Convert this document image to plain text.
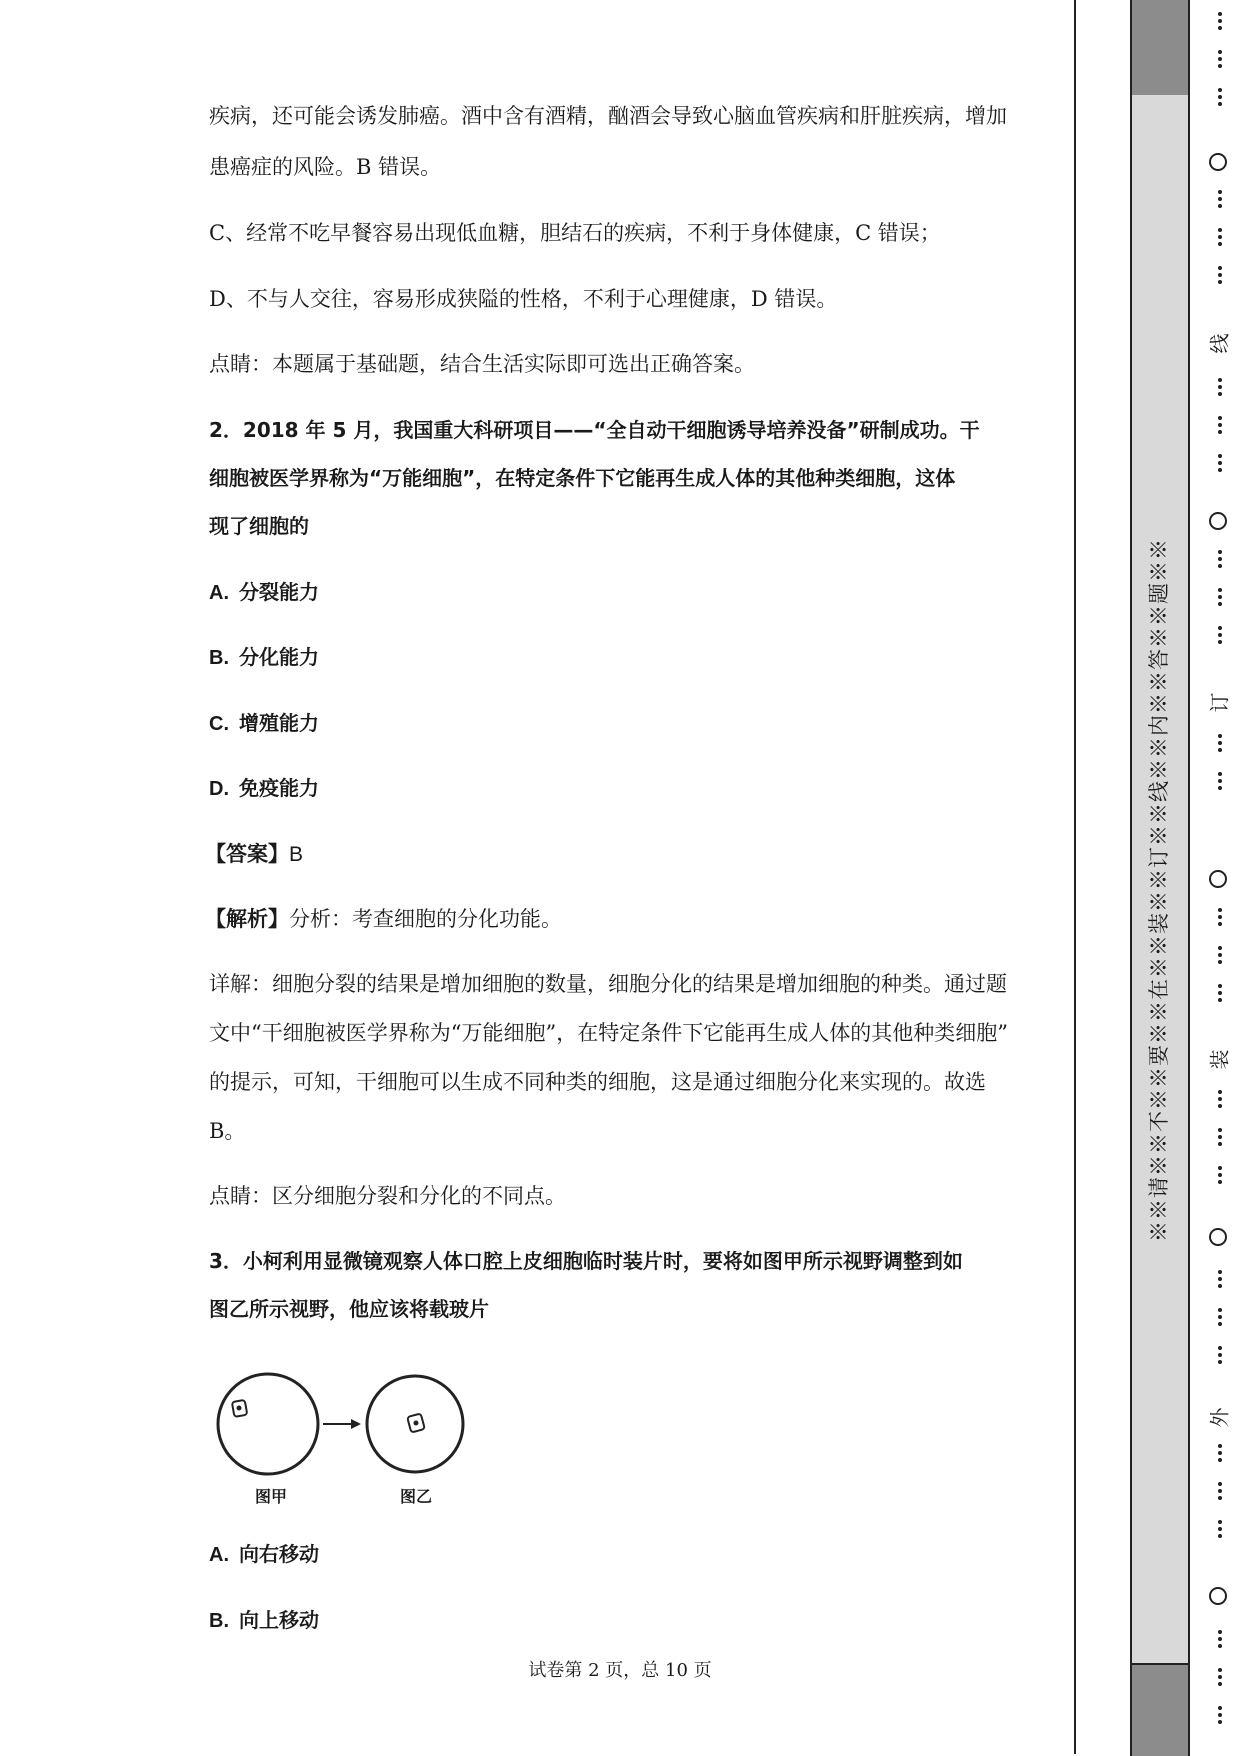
疾病，还可能会诱发肺癌。酒中含有酒精，酗酒会导致心脑血管疾病和肝脏疾病，增加
患癌症的风险。B 错误。
C、经常不吃早餐容易出现低血糖，胆结石的疾病，不利于身体健康，C 错误；
D、不与人交往，容易形成狭隘的性格，不利于心理健康，D 错误。
点睛：本题属于基础题，结合生活实际即可选出正确答案。
2．2018 年 5 月，我国重大科研项目——“全自动干细胞诱导培养没备”研制成功。干
细胞被医学界称为“万能细胞”，在特定条件下它能再生成人体的其他种类细胞，这体
现了细胞的
A. 分裂能力
B. 分化能力
C. 增殖能力
D. 免疫能力
【答案】B
【解析】分析：考查细胞的分化功能。
详解：细胞分裂的结果是增加细胞的数量，细胞分化的结果是增加细胞的种类。通过题
文中“干细胞被医学界称为“万能细胞”，在特定条件下它能再生成人体的其他种类细胞”
的提示，可知，干细胞可以生成不同种类的细胞，这是通过细胞分化来实现的。故选
B。
点睛：区分细胞分裂和分化的不同点。
3．小柯利用显微镜观察人体口腔上皮细胞临时装片时，要将如图甲所示视野调整到如
图乙所示视野，他应该将载玻片
图甲	图乙
A. 向右移动
B. 向上移动
试卷第 2 页，总 10 页
※※请※※不※※要※※在※※装※※订※※线※※内※※答※※题※※
线
订
装
外
